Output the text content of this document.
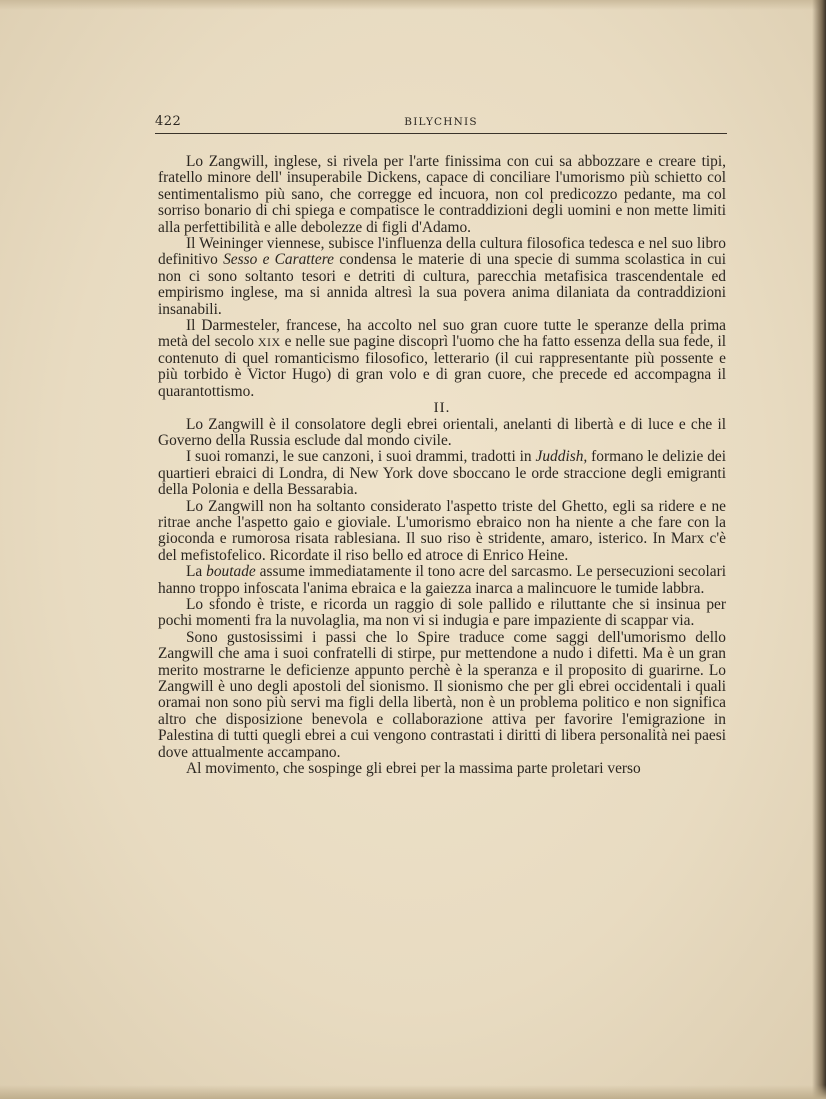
422	BILYCHNIS

Lo Zangwill, inglese, si rivela per l'arte finissima con cui sa abbozzare e creare tipi, fratello minore dell' insuperabile Dickens, capace di conciliare l'umorismo più schietto col sentimentalismo più sano, che corregge ed incuora, non col predicozzo pedante, ma col sorriso bonario di chi spiega e compatisce le contraddizioni degli uomini e non mette limiti alla perfettibilità e alle debolezze di figli d'Adamo.

Il Weininger viennese, subisce l'influenza della cultura filosofica tedesca e nel suo libro definitivo Sesso e Carattere condensa le materie di una specie di summa scolastica in cui non ci sono soltanto tesori e detriti di cultura, parecchia metafisica trascendentale ed empirismo inglese, ma si annida altresì la sua povera anima dilaniata da contraddizioni insanabili.

Il Darmesteler, francese, ha accolto nel suo gran cuore tutte le speranze della prima metà del secolo XIX e nelle sue pagine discoprì l'uomo che ha fatto essenza della sua fede, il contenuto di quel romanticismo filosofico, letterario (il cui rappresentante più possente e più torbido è Victor Hugo) di gran volo e di gran cuore, che precede ed accompagna il quarantottismo.

II.

Lo Zangwill è il consolatore degli ebrei orientali, anelanti di libertà e di luce e che il Governo della Russia esclude dal mondo civile.

I suoi romanzi, le sue canzoni, i suoi drammi, tradotti in Juddish, formano le delizie dei quartieri ebraici di Londra, di New York dove sboccano le orde straccione degli emigranti della Polonia e della Bessarabia.

Lo Zangwill non ha soltanto considerato l'aspetto triste del Ghetto, egli sa ridere e ne ritrae anche l'aspetto gaio e gioviale. L'umorismo ebraico non ha niente a che fare con la gioconda e rumorosa risata rablesiana. Il suo riso è stridente, amaro, isterico. In Marx c'è del mefistofelico. Ricordate il riso bello ed atroce di Enrico Heine.

La boutade assume immediatamente il tono acre del sarcasmo. Le persecuzioni secolari hanno troppo infoscata l'anima ebraica e la gaiezza inarca a malincuore le tumide labbra.

Lo sfondo è triste, e ricorda un raggio di sole pallido e riluttante che si insinua per pochi momenti fra la nuvolaglia, ma non vi si indugia e pare impaziente di scappar via.

Sono gustosissimi i passi che lo Spire traduce come saggi dell'umorismo dello Zangwill che ama i suoi confratelli di stirpe, pur mettendone a nudo i difetti. Ma è un gran merito mostrarne le deficienze appunto perchè è la speranza e il proposito di guarirne. Lo Zangwill è uno degli apostoli del sionismo. Il sionismo che per gli ebrei occidentali i quali oramai non sono più servi ma figli della libertà, non è un problema politico e non significa altro che disposizione benevola e collaborazione attiva per favorire l'emigrazione in Palestina di tutti quegli ebrei a cui vengono contrastati i diritti di libera personalità nei paesi dove attualmente accampano.

Al movimento, che sospinge gli ebrei per la massima parte proletari verso
